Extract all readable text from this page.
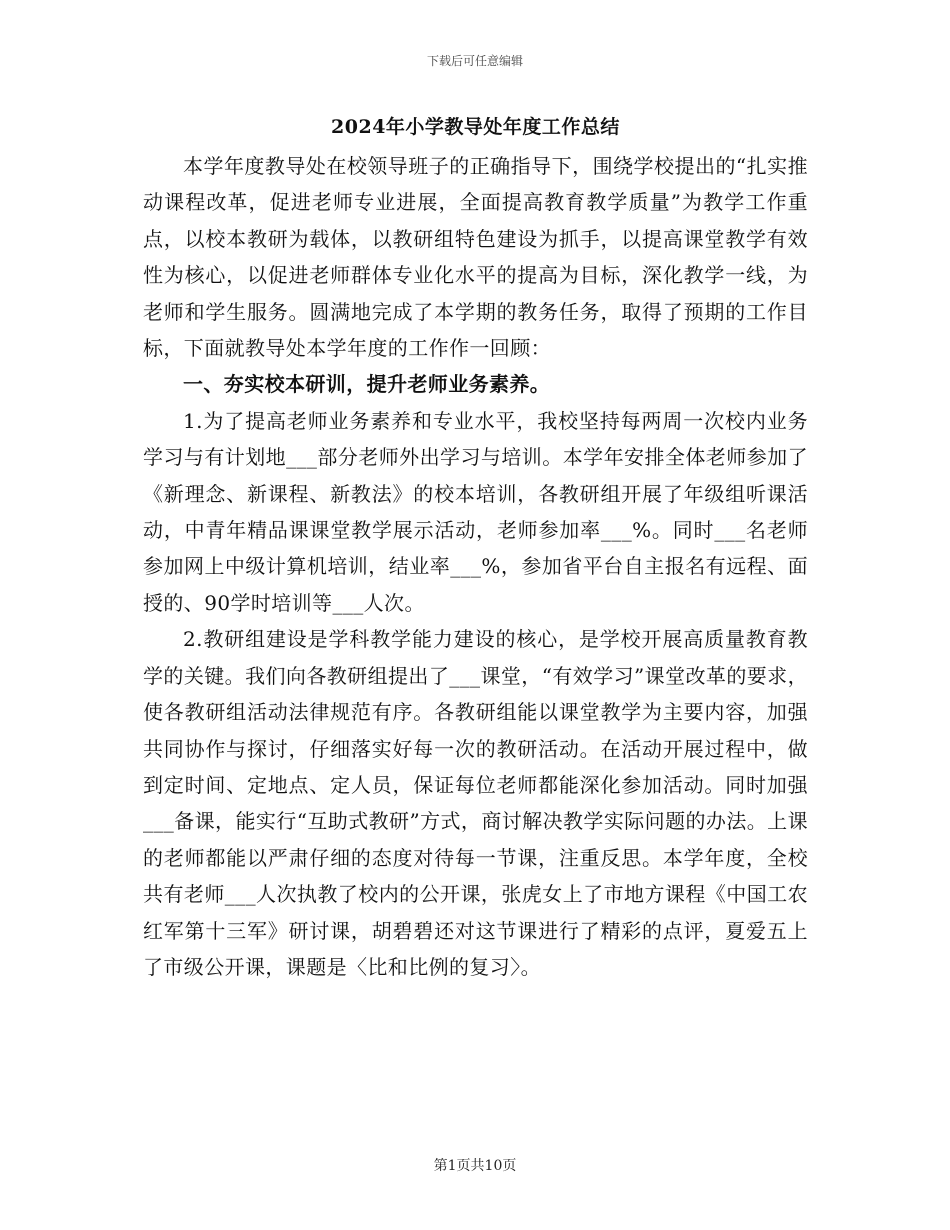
下载后可任意编辑
2024年小学教导处年度工作总结

本学年度教导处在校领导班子的正确指导下，围绕学校提出的“扎实推动课程改革，促进老师专业进展，全面提高教育教学质量”为教学工作重点，以校本教研为载体，以教研组特色建设为抓手，以提高课堂教学有效性为核心，以促进老师群体专业化水平的提高为目标，深化教学一线，为老师和学生服务。圆满地完成了本学期的教务任务，取得了预期的工作目标，下面就教导处本学年度的工作作一回顾：

一、夯实校本研训，提升老师业务素养。

1.为了提高老师业务素养和专业水平，我校坚持每两周一次校内业务学习与有计划地___部分老师外出学习与培训。本学年安排全体老师参加了《新理念、新课程、新教法》的校本培训，各教研组开展了年级组听课活动，中青年精品课课堂教学展示活动，老师参加率___%。同时___名老师参加网上中级计算机培训，结业率___%，参加省平台自主报名有远程、面授的、90学时培训等___人次。

2.教研组建设是学科教学能力建设的核心，是学校开展高质量教育教学的关键。我们向各教研组提出了___课堂，“有效学习”课堂改革的要求，使各教研组活动法律规范有序。各教研组能以课堂教学为主要内容，加强共同协作与探讨，仔细落实好每一次的教研活动。在活动开展过程中，做到定时间、定地点、定人员，保证每位老师都能深化参加活动。同时加强___备课，能实行“互助式教研”方式，商讨解决教学实际问题的办法。上课的老师都能以严肃仔细的态度对待每一节课，注重反思。本学年度，全校共有老师___人次执教了校内的公开课，张虎女上了市地方课程《中国工农红军第十三军》研讨课，胡碧碧还对这节课进行了精彩的点评，夏爱五上了市级公开课，课题是〈比和比例的复习〉。

第1页共10页
